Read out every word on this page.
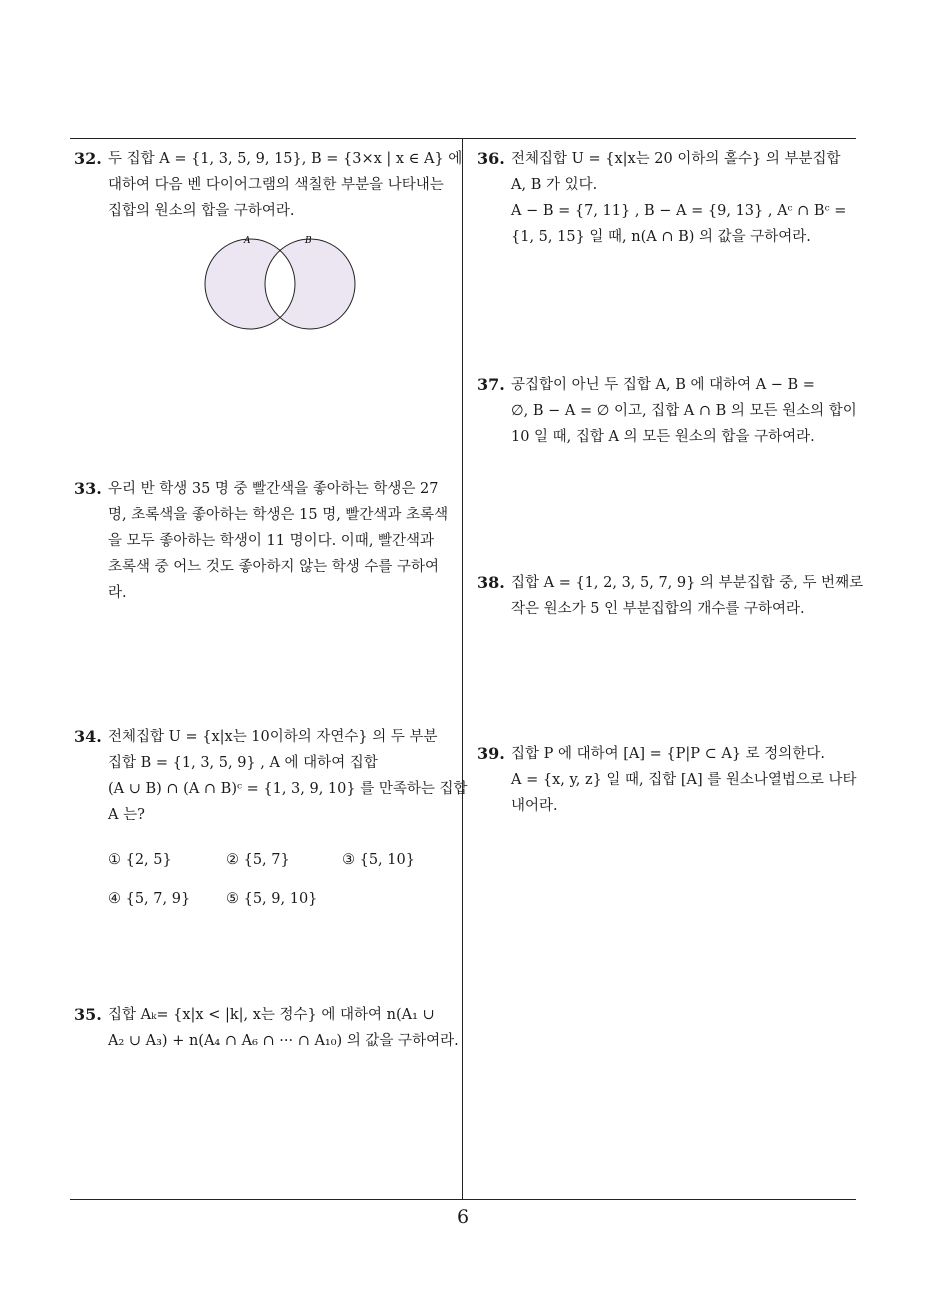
32. 두 집합 A = {1, 3, 5, 9, 15}, B = {3×x | x ∈ A} 에
대하여 다음 벤 다이어그램의 색칠한 부분을 나타내는
집합의 원소의 합을 구하여라.
A	B
33. 우리 반 학생 35 명 중 빨간색을 좋아하는 학생은 27
명, 초록색을 좋아하는 학생은 15 명, 빨간색과 초록색
을 모두 좋아하는 학생이 11 명이다. 이때, 빨간색과
초록색 중 어느 것도 좋아하지 않는 학생 수를 구하여
라.
34. 전체집합 U = {x|x는 10이하의 자연수} 의 두 부분
집합 B = {1, 3, 5, 9} , A 에 대하여 집합
(A ∪ B) ∩ (A ∩ B)ᶜ = {1, 3, 9, 10} 를 만족하는 집합
A 는?
① {2, 5}	② {5, 7}	③ {5, 10}
④ {5, 7, 9} ⑤ {5, 9, 10}
35. 집합 Aₖ= {x|x < |k|, x는 정수} 에 대하여 n(A₁ ∪
A₂ ∪ A₃) + n(A₄ ∩ A₆ ∩ ··· ∩ A₁₀) 의 값을 구하여라.
36. 전체집합 U = {x|x는 20 이하의 홀수} 의 부분집합
A, B 가 있다.
A − B = {7, 11} , B − A = {9, 13} , Aᶜ ∩ Bᶜ =
{1, 5, 15} 일 때, n(A ∩ B) 의 값을 구하여라.
37. 공집합이 아닌 두 집합 A, B 에 대하여 A − B =
∅, B − A = ∅ 이고, 집합 A ∩ B 의 모든 원소의 합이
10 일 때, 집합 A 의 모든 원소의 합을 구하여라.
38. 집합 A = {1, 2, 3, 5, 7, 9} 의 부분집합 중, 두 번째로
작은 원소가 5 인 부분집합의 개수를 구하여라.
39. 집합 P 에 대하여 [A] = {P|P ⊂ A} 로 정의한다.
A = {x, y, z} 일 때, 집합 [A] 를 원소나열법으로 나타
내어라.
6
